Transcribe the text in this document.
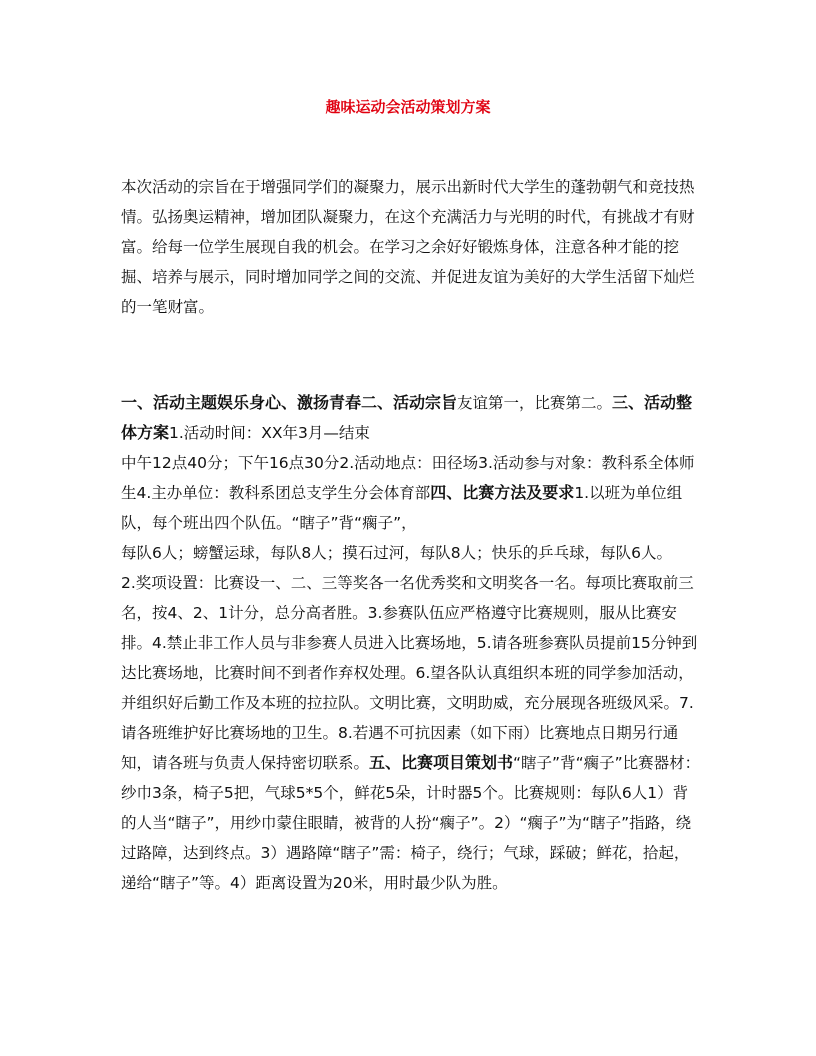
趣味运动会活动策划方案

本次活动的宗旨在于增强同学们的凝聚力，展示出新时代大学生的蓬勃朝气和竞技热情。弘扬奥运精神，增加团队凝聚力，在这个充满活力与光明的时代，有挑战才有财富。给每一位学生展现自我的机会。在学习之余好好锻炼身体，注意各种才能的挖掘、培养与展示，同时增加同学之间的交流、并促进友谊为美好的大学生活留下灿烂的一笔财富。

一、活动主题娱乐身心、激扬青春二、活动宗旨友谊第一，比赛第二。三、活动整体方案1.活动时间：XX年3月—结束
中午12点40分；下午16点30分2.活动地点：田径场3.活动参与对象：教科系全体师生4.主办单位：教科系团总支学生分会体育部四、比赛方法及要求1.以班为单位组队，每个班出四个队伍。“瞎子”背“瘸子”，
每队6人；螃蟹运球，每队8人；摸石过河，每队8人；快乐的乒乓球，每队6人。
2.奖项设置：比赛设一、二、三等奖各一名优秀奖和文明奖各一名。每项比赛取前三名，按4、2、1计分，总分高者胜。3.参赛队伍应严格遵守比赛规则，服从比赛安排。4.禁止非工作人员与非参赛人员进入比赛场地，5.请各班参赛队员提前15分钟到达比赛场地，比赛时间不到者作弃权处理。6.望各队认真组织本班的同学参加活动，并组织好后勤工作及本班的拉拉队。文明比赛，文明助威，充分展现各班级风采。7.请各班维护好比赛场地的卫生。8.若遇不可抗因素（如下雨）比赛地点日期另行通知，请各班与负责人保持密切联系。五、比赛项目策划书“瞎子”背“瘸子”比赛器材：纱巾3条，椅子5把，气球5*5个，鲜花5朵，计时器5个。比赛规则：每队6人1）背的人当“瞎子”，用纱巾蒙住眼睛，被背的人扮“瘸子”。2）“瘸子”为“瞎子”指路，绕过路障，达到终点。3）遇路障“瞎子”需：椅子，绕行；气球，踩破；鲜花，拾起，递给“瞎子”等。4）距离设置为20米，用时最少队为胜。
